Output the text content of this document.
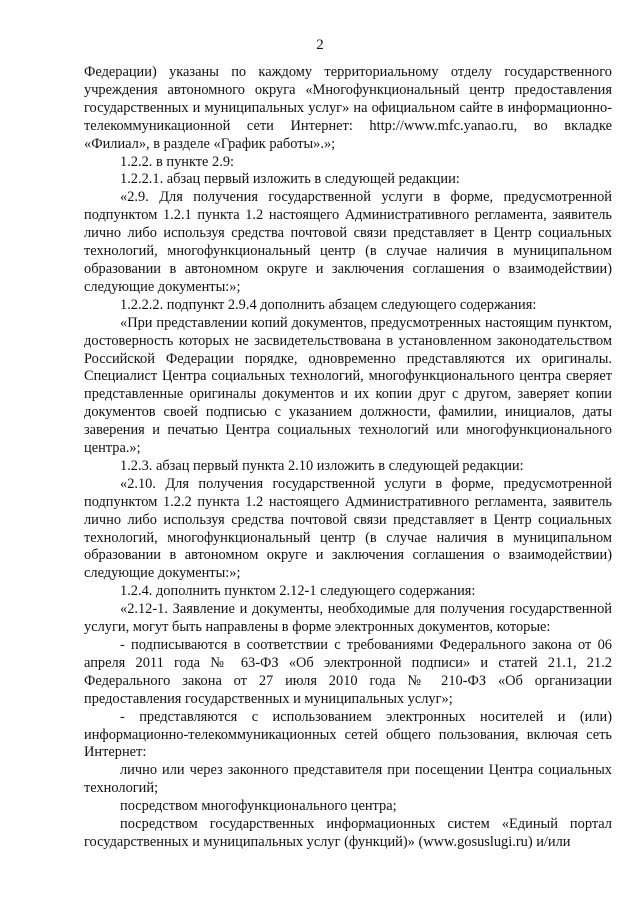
2

Федерации) указаны по каждому территориальному отделу государственного учреждения автономного округа «Многофункциональный центр предоставления государственных и муниципальных услуг» на официальном сайте в информационно-телекоммуникационной сети Интернет: http://www.mfc.yanao.ru, во вкладке «Филиал», в разделе «График работы».»;

1.2.2. в пункте 2.9:

1.2.2.1. абзац первый изложить в следующей редакции:

«2.9. Для получения государственной услуги в форме, предусмотренной подпунктом 1.2.1 пункта 1.2 настоящего Административного регламента, заявитель лично либо используя средства почтовой связи представляет в Центр социальных технологий, многофункциональный центр (в случае наличия в муниципальном образовании в автономном округе и заключения соглашения о взаимодействии) следующие документы:»;

1.2.2.2. подпункт 2.9.4 дополнить абзацем следующего содержания:

«При представлении копий документов, предусмотренных настоящим пунктом, достоверность которых не засвидетельствована в установленном законодательством Российской Федерации порядке, одновременно представляются их оригиналы. Специалист Центра социальных технологий, многофункционального центра сверяет представленные оригиналы документов и их копии друг с другом, заверяет копии документов своей подписью с указанием должности, фамилии, инициалов, даты заверения и печатью Центра социальных технологий или многофункционального центра.»;

1.2.3. абзац первый пункта 2.10 изложить в следующей редакции:

«2.10. Для получения государственной услуги в форме, предусмотренной подпунктом 1.2.2 пункта 1.2 настоящего Административного регламента, заявитель лично либо используя средства почтовой связи представляет в Центр социальных технологий, многофункциональный центр (в случае наличия в муниципальном образовании в автономном округе и заключения соглашения о взаимодействии) следующие документы:»;

1.2.4. дополнить пунктом 2.12-1 следующего содержания:

«2.12-1. Заявление и документы, необходимые для получения государственной услуги, могут быть направлены в форме электронных документов, которые:

- подписываются в соответствии с требованиями Федерального закона от 06 апреля 2011 года № 63-ФЗ «Об электронной подписи» и статей 21.1, 21.2 Федерального закона от 27 июля 2010 года № 210-ФЗ «Об организации предоставления государственных и муниципальных услуг»;

- представляются с использованием электронных носителей и (или) информационно-телекоммуникационных сетей общего пользования, включая сеть Интернет:

лично или через законного представителя при посещении Центра социальных технологий;

посредством многофункционального центра;

посредством государственных информационных систем «Единый портал государственных и муниципальных услуг (функций)» (www.gosuslugi.ru) и/или
